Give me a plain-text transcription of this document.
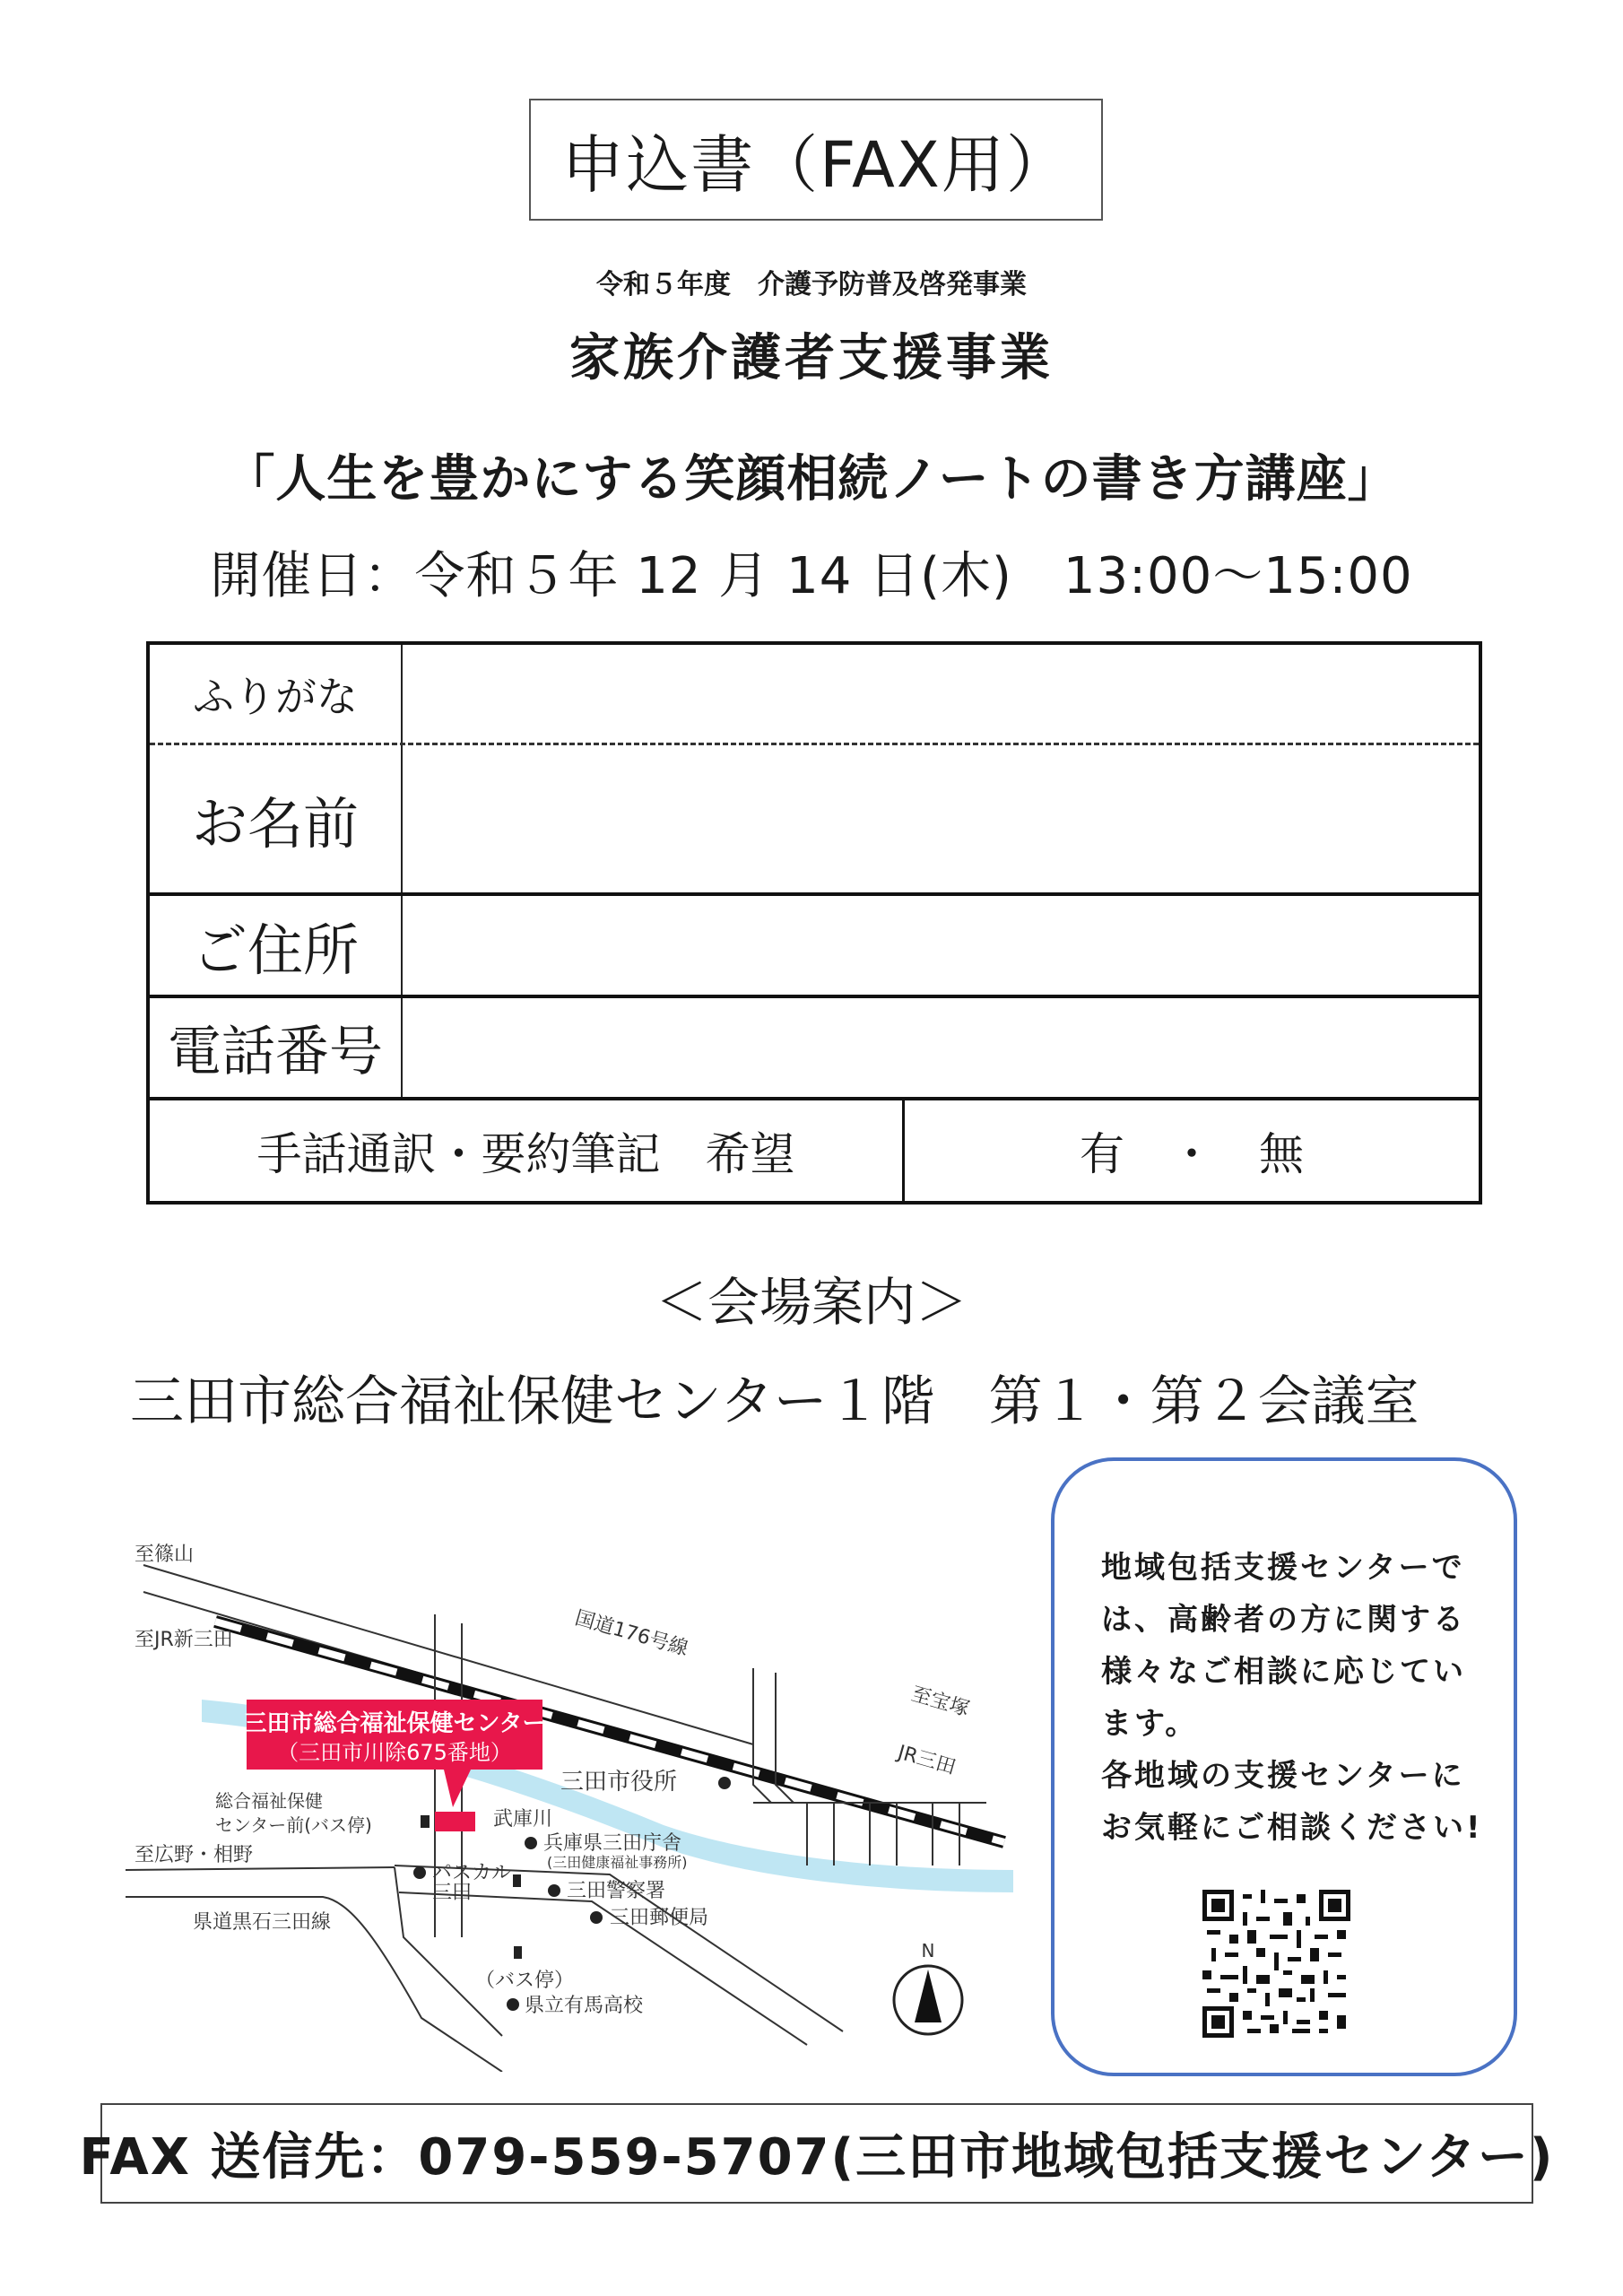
申込書（FAX用）
令和５年度　介護予防普及啓発事業
家族介護者支援事業
「人生を豊かにする笑顔相続ノートの書き方講座」
開催日：令和５年 12 月 14 日(木)　13:00～15:00
ふりがな
お名前
ご住所
電話番号
手話通訳・要約筆記　希望	有　・　無
＜会場案内＞
三田市総合福祉保健センター１階　第１・第２会議室
三田市総合福祉保健センター
（三田市川除675番地）
至篠山
至JR新三田	国道176号線
至宝塚
JR三田
三田市役所
武庫川
総合福祉保健
センター前(バス停)
兵庫県三田庁舎
(三田健康福祉事務所)
至広野・相野
パスカル
三田	三田警察署
三田郵便局
県道黒石三田線
（バス停）
県立有馬高校
N
地域包括支援センターで
は、高齢者の方に関する
様々なご相談に応じてい
ます。
各地域の支援センターに
お気軽にご相談ください!
FAX 送信先：079-559-5707(三田市地域包括支援センター)
